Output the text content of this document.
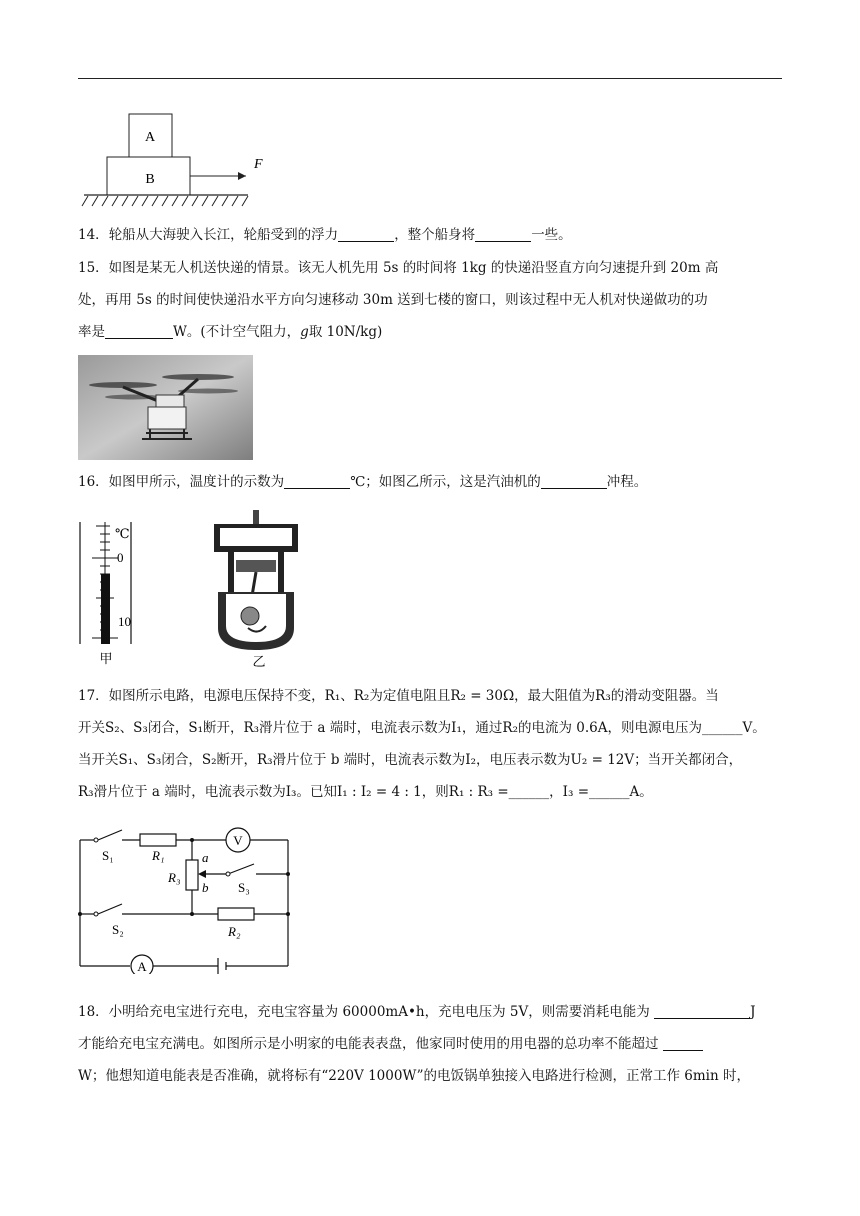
A
B
F
14．轮船从大海驶入长江，轮船受到的浮力	，整个船身将	一些。
15．如图是某无人机送快递的情景。该无人机先用 5s 的时间将 1kg 的快递沿竖直方向匀速提升到 20m 高
处，再用 5s 的时间使快递沿水平方向匀速移动 30m 送到七楼的窗口，则该过程中无人机对快递做功的功
率是	W。(不计空气阻力，g取 10N/kg)
16．如图甲所示，温度计的示数为	℃；如图乙所示，这是汽油机的	冲程。
℃
0
10
甲	乙
17．如图所示电路，电源电压保持不变，R₁、R₂为定值电阻且R₂ = 30Ω，最大阻值为R₃的滑动变阻器。当
开关S₂、S₃闭合，S₁断开，R₃滑片位于 a 端时，电流表示数为I₁，通过R₂的电流为 0.6A，则电源电压为______V。
当开关S₁、S₃闭合，S₂断开，R₃滑片位于 b 端时，电流表示数为I₂，电压表示数为U₂ = 12V；当开关都闭合，
R₃滑片位于 a 端时，电流表示数为I₃。已知I₁ : I₂ = 4 : 1，则R₁ : R₃ =______，I₃ =______A。
S₁	R₁
V
a
b
R₃
S₃
S₂	R₂
A
18．小明给充电宝进行充电，充电宝容量为 60000mA•h，充电电压为 5V，则需要消耗电能为	J
才能给充电宝充满电。如图所示是小明家的电能表表盘，他家同时使用的用电器的总功率不能超过
W；他想知道电能表是否准确，就将标有“220V 1000W”的电饭锅单独接入电路进行检测，正常工作 6min 时，
